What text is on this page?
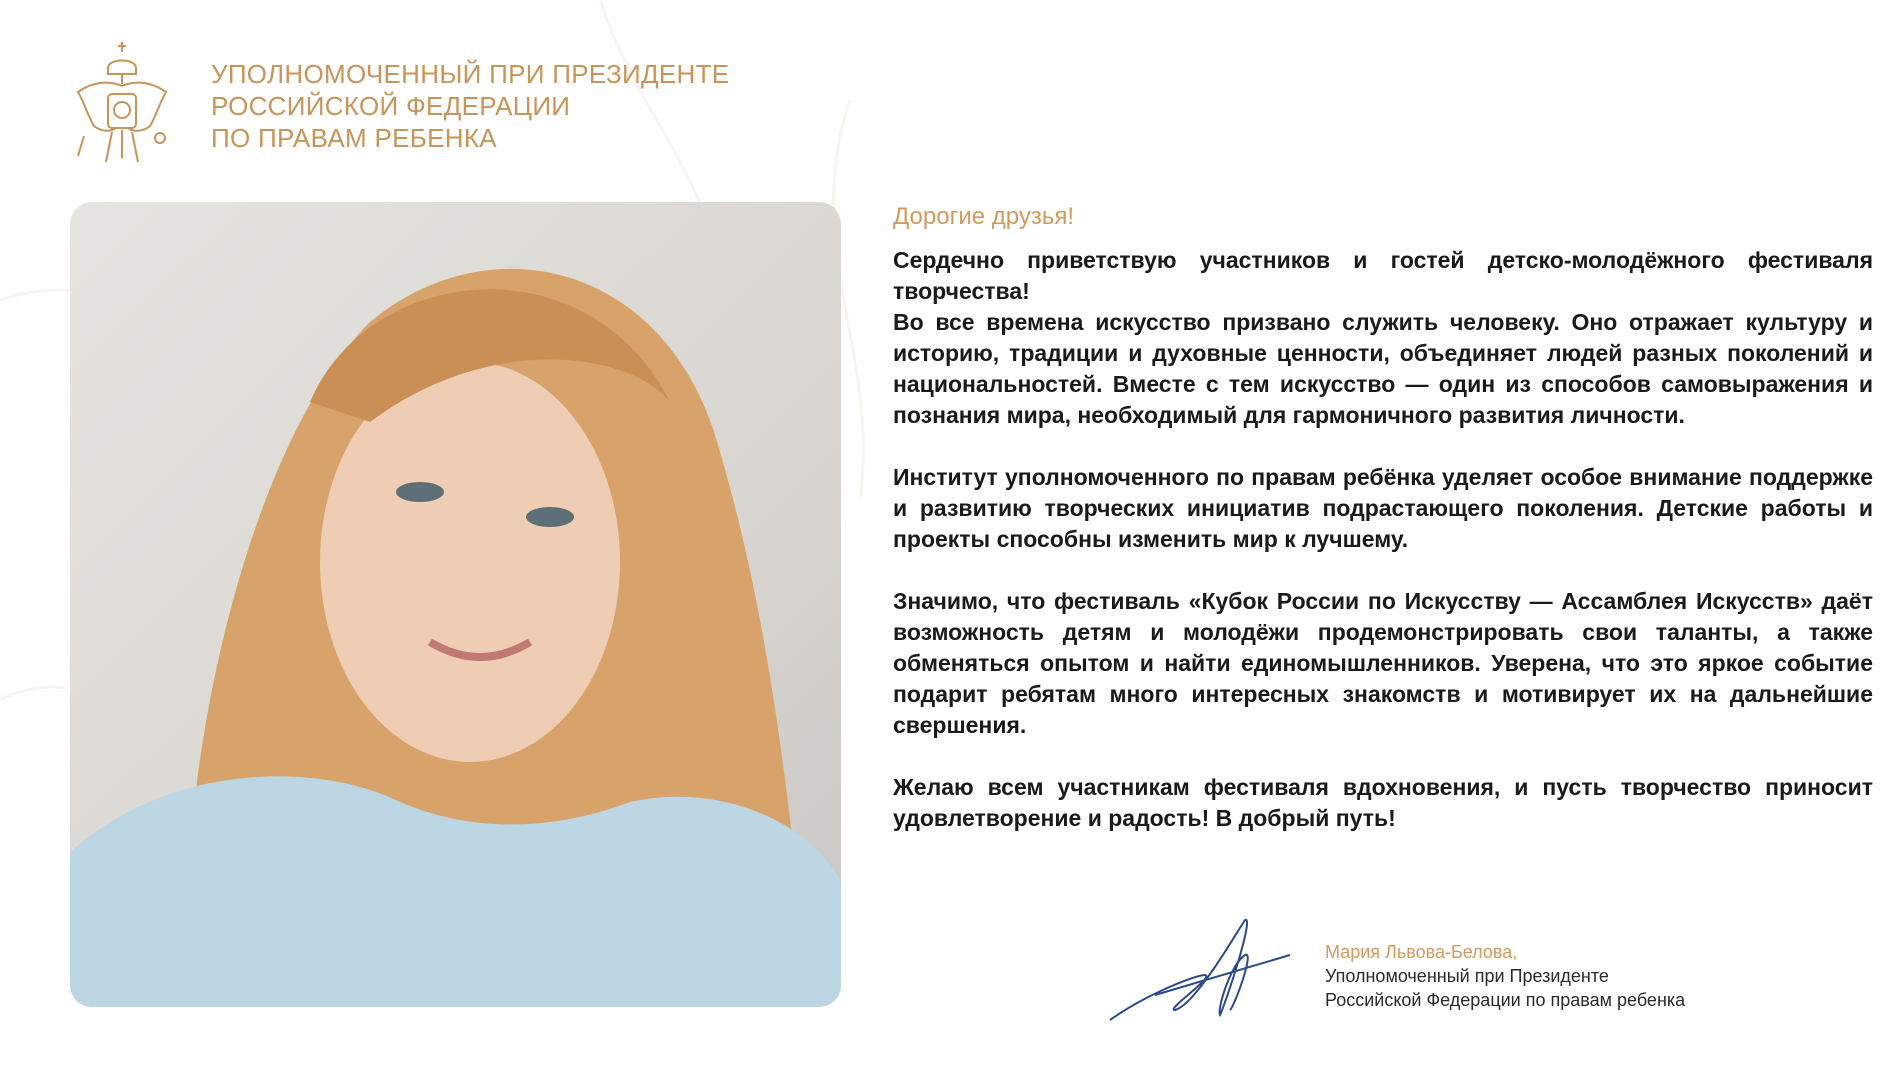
УПОЛНОМОЧЕННЫЙ ПРИ ПРЕЗИДЕНТЕ
РОССИЙСКОЙ ФЕДЕРАЦИИ
ПО ПРАВАМ РЕБЕНКА
Дорогие друзья!

Сердечно приветствую участников и гостей детско-молодёжного фестиваля творчества!

Во все времена искусство призвано служить человеку. Оно отражает культуру и историю, традиции и духовные ценности, объединяет людей разных поколений и национальностей. Вместе с тем искусство — один из способов самовыражения и познания мира, необходимый для гармоничного развития личности.

Институт уполномоченного по правам ребёнка уделяет особое внимание поддержке и развитию творческих инициатив подрастающего поколения. Детские работы и проекты способны изменить мир к лучшему.

Значимо, что фестиваль «Кубок России по Искусству — Ассамблея Искусств» даёт возможность детям и молодёжи продемонстрировать свои таланты, а также обменяться опытом и найти единомышленников. Уверена, что это яркое событие подарит ребятам много интересных знакомств и мотивирует их на дальнейшие свершения.

Желаю всем участникам фестиваля вдохновения, и пусть творчество приносит удовлетворение и радость! В добрый путь!

Мария Львова-Белова,
Уполномоченный при Президенте
Российской Федерации по правам ребенка
